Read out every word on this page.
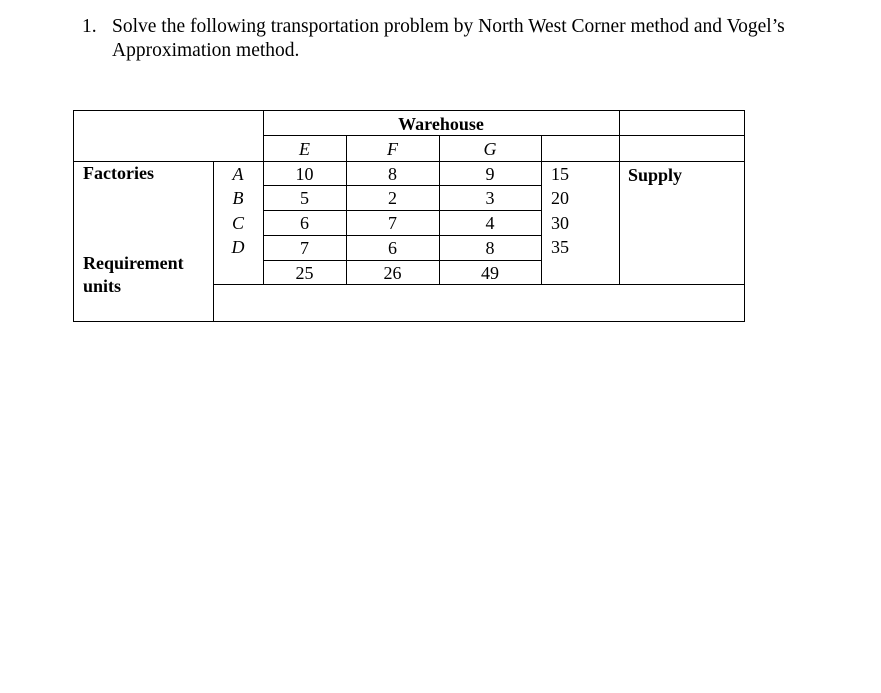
1. Solve the following transportation problem by North West Corner method and Vogel’s Approximation method.
Warehouse
E	F	G
Factories	Supply
Requirement units
A	10	8	9	15
B	5	2	3	20
C	6	7	4	30
D	7	6	8	35
25	26	49
